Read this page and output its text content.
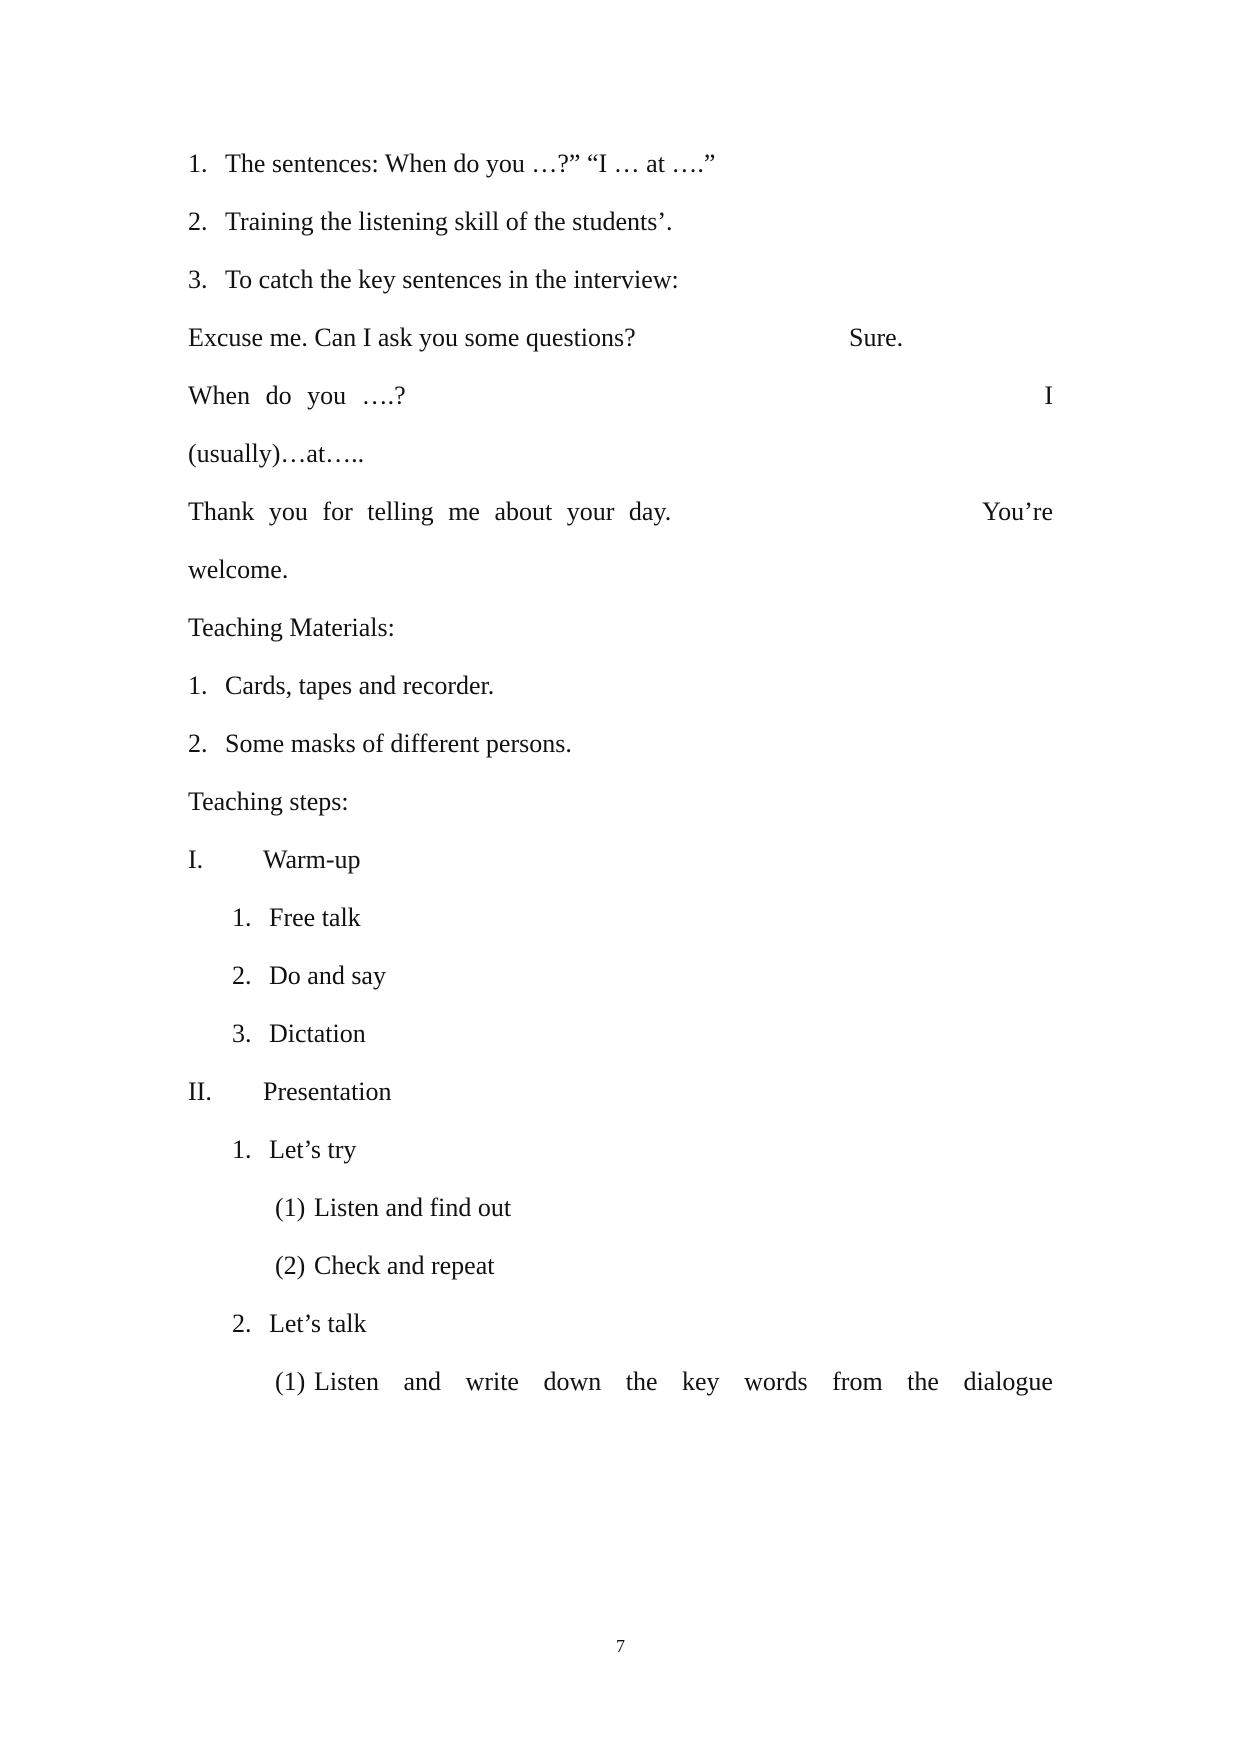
1. The sentences: When do you …?” “I … at ….”
2. Training the listening skill of the students’.
3. To catch the key sentences in the interview:
Excuse me. Can I ask you some questions?	Sure.
When do you ….?	I
(usually)…at…..
Thank you for telling me about your day.	You’re
welcome.
Teaching Materials:
1. Cards, tapes and recorder.
2. Some masks of different persons.
Teaching steps:
I. Warm-up
1. Free talk
2. Do and say
3. Dictation
II. Presentation
1. Let’s try
(1) Listen and find out
(2) Check and repeat
2. Let’s talk
(1) Listen and write down the key words from the dialogue
7
